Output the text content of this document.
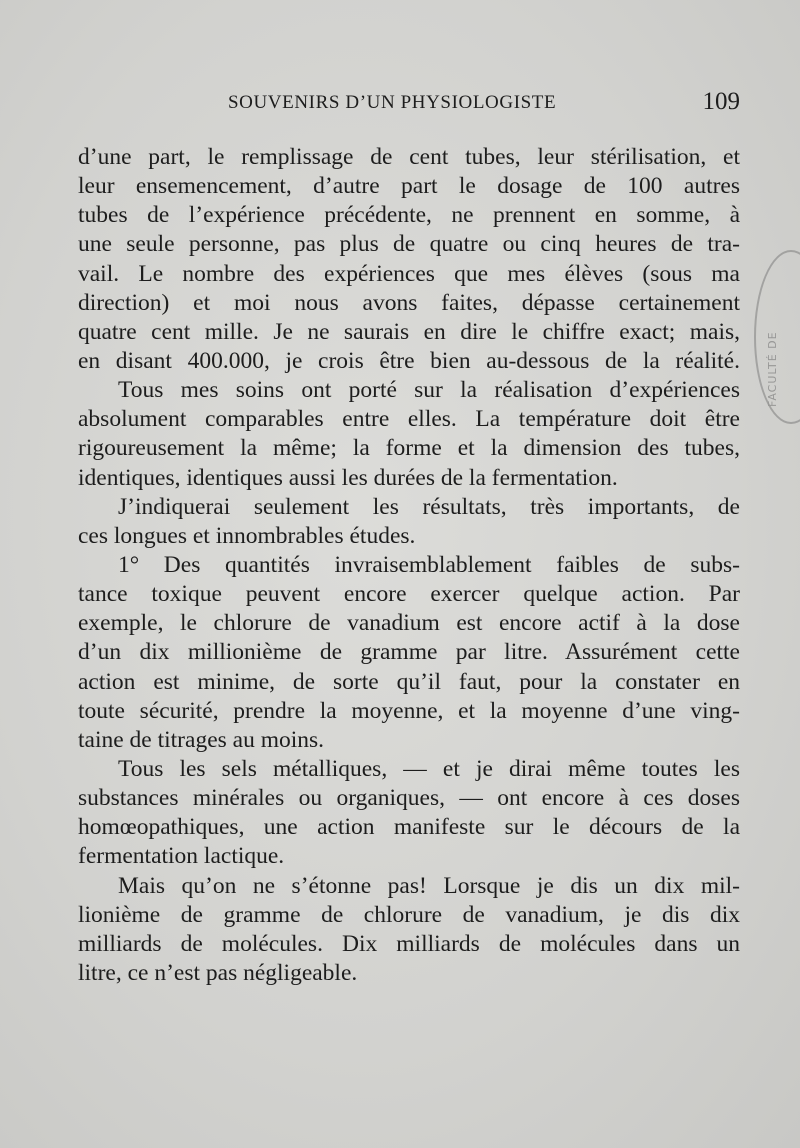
SOUVENIRS D’UN PHYSIOLOGISTE	109
FACULTÉ DE
d’une part, le remplissage de cent tubes, leur stérilisation, et
leur ensemencement, d’autre part le dosage de 100 autres
tubes de l’expérience précédente, ne prennent en somme, à
une seule personne, pas plus de quatre ou cinq heures de tra-
vail. Le nombre des expériences que mes élèves (sous ma
direction) et moi nous avons faites, dépasse certainement
quatre cent mille. Je ne saurais en dire le chiffre exact; mais,
en disant 400.000, je crois être bien au-dessous de la réalité.
Tous mes soins ont porté sur la réalisation d’expériences
absolument comparables entre elles. La température doit être
rigoureusement la même; la forme et la dimension des tubes,
identiques, identiques aussi les durées de la fermentation.
J’indiquerai seulement les résultats, très importants, de
ces longues et innombrables études.
1° Des quantités invraisemblablement faibles de subs-
tance toxique peuvent encore exercer quelque action. Par
exemple, le chlorure de vanadium est encore actif à la dose
d’un dix millionième de gramme par litre. Assurément cette
action est minime, de sorte qu’il faut, pour la constater en
toute sécurité, prendre la moyenne, et la moyenne d’une ving-
taine de titrages au moins.
Tous les sels métalliques, — et je dirai même toutes les
substances minérales ou organiques, — ont encore à ces doses
homœopathiques, une action manifeste sur le décours de la
fermentation lactique.
Mais qu’on ne s’étonne pas! Lorsque je dis un dix mil-
lionième de gramme de chlorure de vanadium, je dis dix
milliards de molécules. Dix milliards de molécules dans un
litre, ce n’est pas négligeable.
